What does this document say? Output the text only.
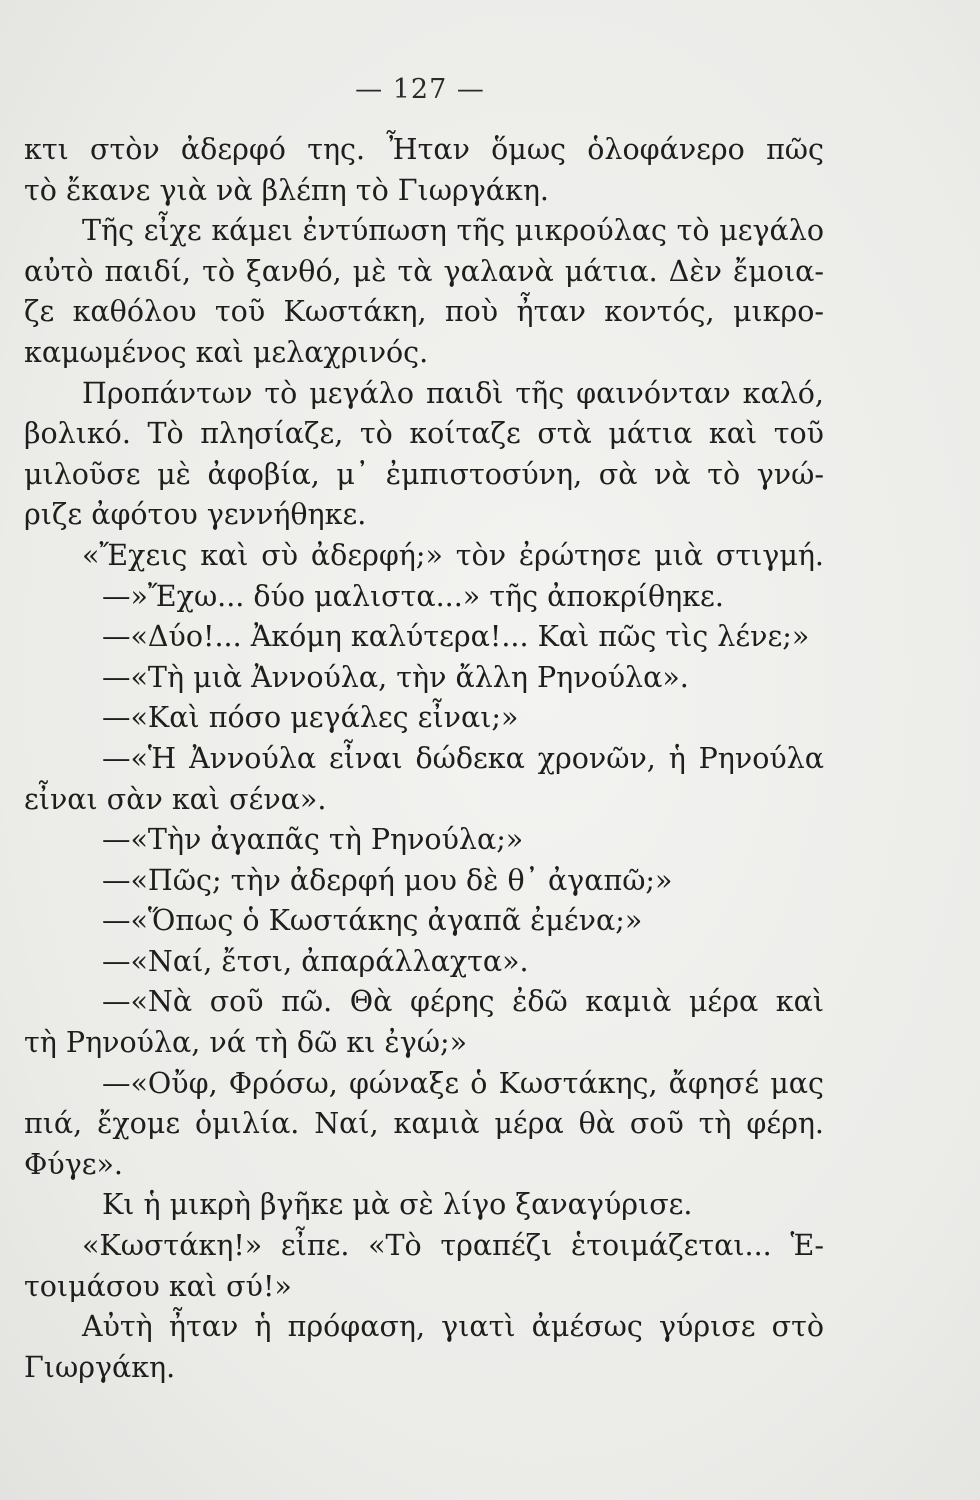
— 127 —
κτι στὸν ἀδερφό της. Ἦταν ὅμως ὁλοφάνερο πῶς
τὸ ἔκανε γιὰ νὰ βλέπη τὸ Γιωργάκη.
Τῆς εἶχε κάμει ἐντύπωση τῆς μικρούλας τὸ μεγάλο
αὐτὸ παιδί, τὸ ξανθό, μὲ τὰ γαλανὰ μάτια. Δὲν ἔμοια-
ζε καθόλου τοῦ Κωστάκη, ποὺ ἦταν κοντός, μικρο-
καμωμένος καὶ μελαχρινός.
Προπάντων τὸ μεγάλο παιδὶ τῆς φαινόνταν καλό,
βολικό. Τὸ πλησίαζε, τὸ κοίταζε στὰ μάτια καὶ τοῦ
μιλοῦσε μὲ ἀφοβία, μ᾽ ἐμπιστοσύνη, σὰ νὰ τὸ γνώ-
ριζε ἀφότου γεννήθηκε.
«Ἔχεις καὶ σὺ ἀδερφή;» τὸν ἐρώτησε μιὰ στιγμή.
—»Ἔχω... δύο μαλιστα...» τῆς ἀποκρίθηκε.
—«Δύο!... Ἀκόμη καλύτερα!... Καὶ πῶς τὶς λένε;»
—«Τὴ μιὰ Ἀννούλα, τὴν ἄλλη Ρηνούλα».
—«Καὶ πόσο μεγάλες εἶναι;»
—«Ἡ Ἀννούλα εἶναι δώδεκα χρονῶν, ἡ Ρηνούλα
εἶναι σὰν καὶ σένα».
—«Τὴν ἀγαπᾶς τὴ Ρηνούλα;»
—«Πῶς; τὴν ἀδερφή μου δὲ θ᾽ ἀγαπῶ;»
—«Ὅπως ὁ Κωστάκης ἀγαπᾶ ἐμένα;»
—«Ναί, ἔτσι, ἀπαράλλαχτα».
—«Νὰ σοῦ πῶ. Θὰ φέρης ἐδῶ καμιὰ μέρα καὶ
τὴ Ρηνούλα, νά τὴ δῶ κι ἐγώ;»
—«Οὔφ, Φρόσω, φώναξε ὁ Κωστάκης, ἄφησέ μας
πιά, ἔχομε ὁμιλία. Ναί, καμιὰ μέρα θὰ σοῦ τὴ φέρη.
Φύγε».
Κι ἡ μικρὴ βγῆκε μὰ σὲ λίγο ξαναγύρισε.
«Κωστάκη!» εἶπε. «Τὸ τραπέζι ἑτοιμάζεται... Ἑ-
τοιμάσου καὶ σύ!»
Αὐτὴ ἦταν ἡ πρόφαση, γιατὶ ἀμέσως γύρισε στὸ
Γιωργάκη.
